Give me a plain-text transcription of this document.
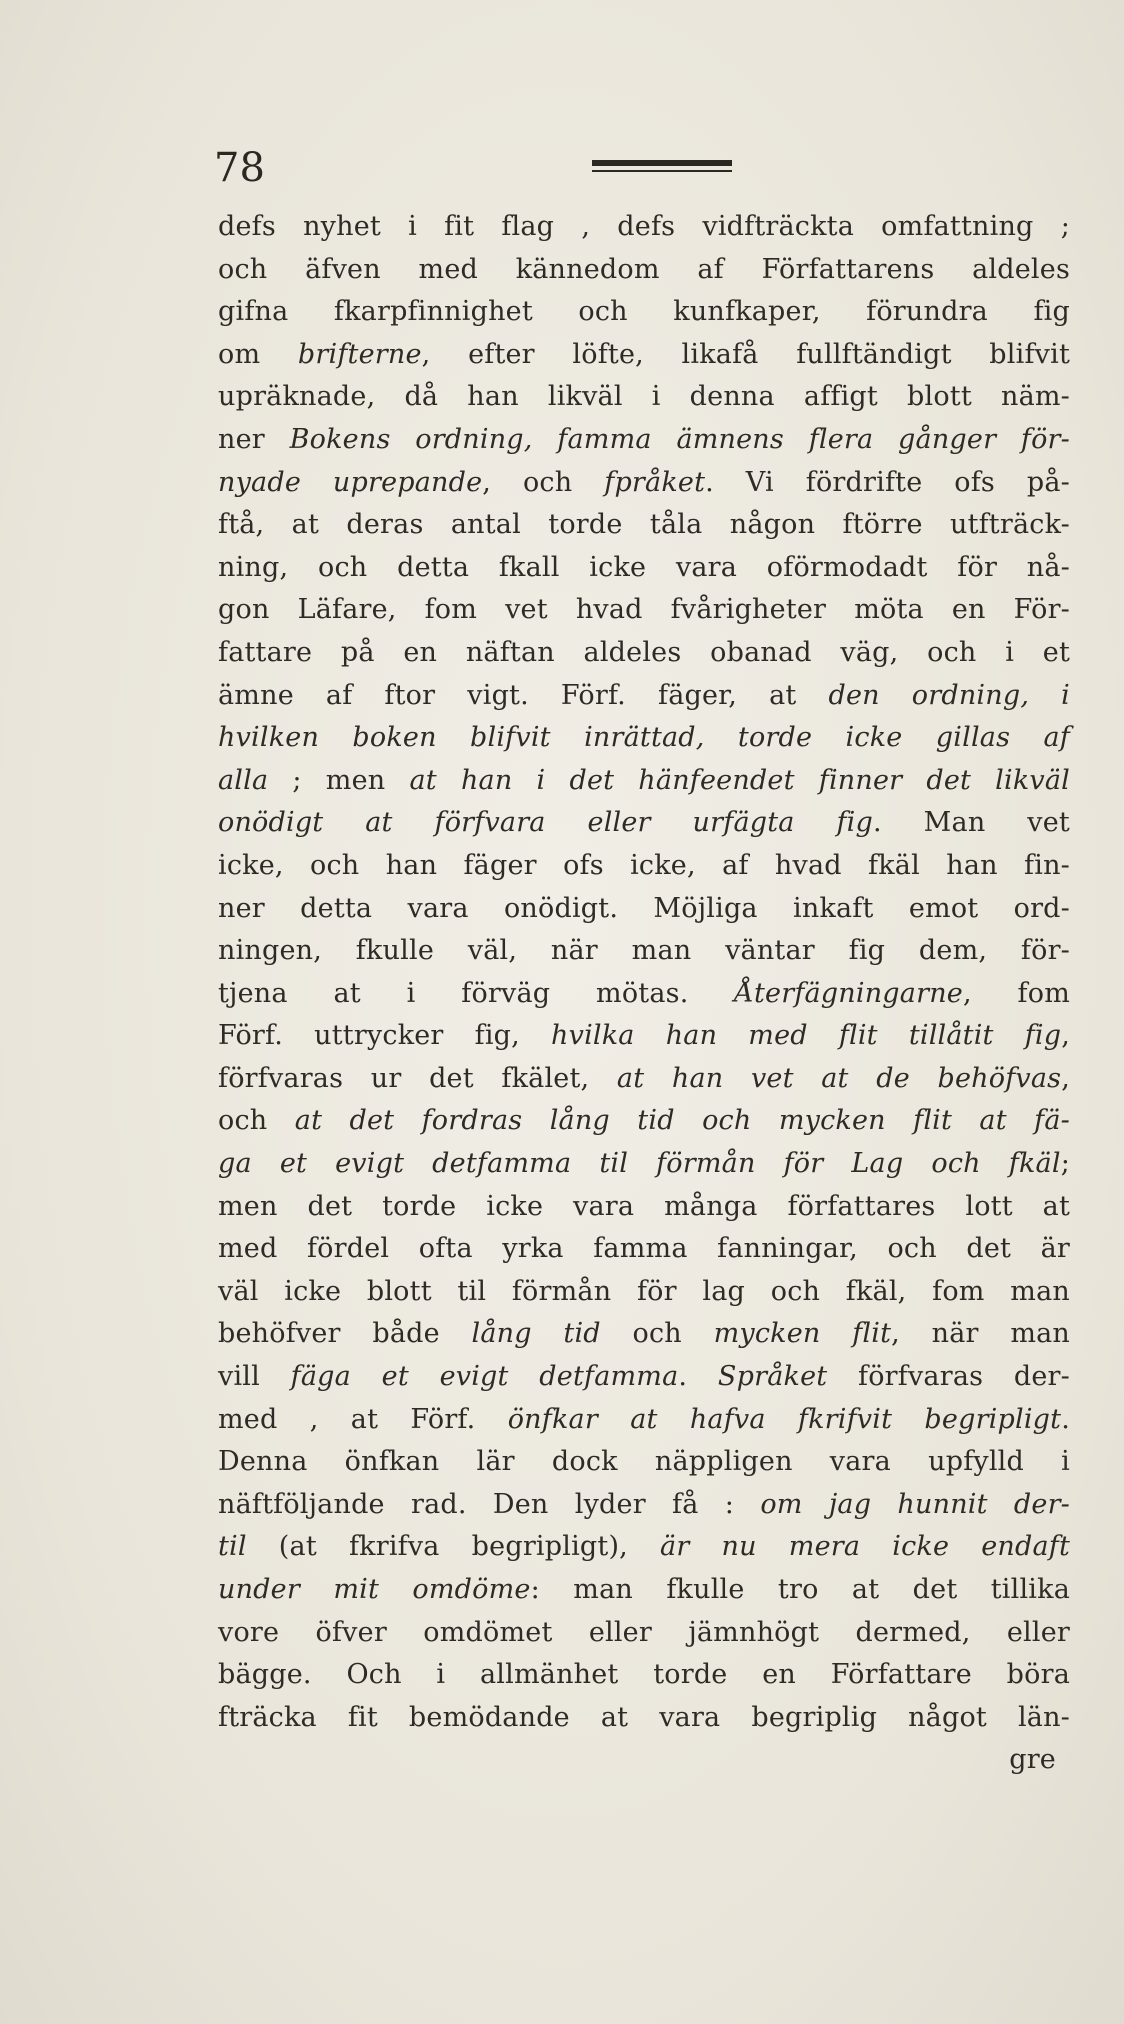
78
defs nyhet i fit flag , defs vidfträckta omfattning ;
och äfven med kännedom af Författarens aldeles
gifna fkarpfinnighet och kunfkaper, förundra fig
om brifterne, efter löfte, likafå fullftändigt blifvit
upräknade, då han likväl i denna affigt blott näm-
ner Bokens ordning, famma ämnens flera gånger för-
nyade uprepande, och fpråket. Vi fördrifte ofs på-
ftå, at deras antal torde tåla någon ftörre utfträck-
ning, och detta fkall icke vara oförmodadt för nå-
gon Läfare, fom vet hvad fvårigheter möta en För-
fattare på en näftan aldeles obanad väg, och i et
ämne af ftor vigt. Förf. fäger, at den ordning, i
hvilken boken blifvit inrättad, torde icke gillas af
alla ; men at han i det hänfeendet finner det likväl
onödigt at förfvara eller urfägta fig. Man vet
icke, och han fäger ofs icke, af hvad fkäl han fin-
ner detta vara onödigt. Möjliga inkaft emot ord-
ningen, fkulle väl, när man väntar fig dem, för-
tjena at i förväg mötas. Återfägningarne, fom
Förf. uttrycker fig, hvilka han med flit tillåtit fig,
förfvaras ur det fkälet, at han vet at de behöfvas,
och at det fordras lång tid och mycken flit at fä-
ga et evigt detfamma til förmån för Lag och fkäl;
men det torde icke vara många författares lott at
med fördel ofta yrka famma fanningar, och det är
väl icke blott til förmån för lag och fkäl, fom man
behöfver både lång tid och mycken flit, när man
vill fäga et evigt detfamma. Språket förfvaras der-
med , at Förf. önfkar at hafva fkrifvit begripligt.
Denna önfkan lär dock näppligen vara upfylld i
näftföljande rad. Den lyder få : om jag hunnit der-
til (at fkrifva begripligt), är nu mera icke endaft
under mit omdöme: man fkulle tro at det tillika
vore öfver omdömet eller jämnhögt dermed, eller
bägge. Och i allmänhet torde en Författare böra
fträcka fit bemödande at vara begriplig något län-
gre
